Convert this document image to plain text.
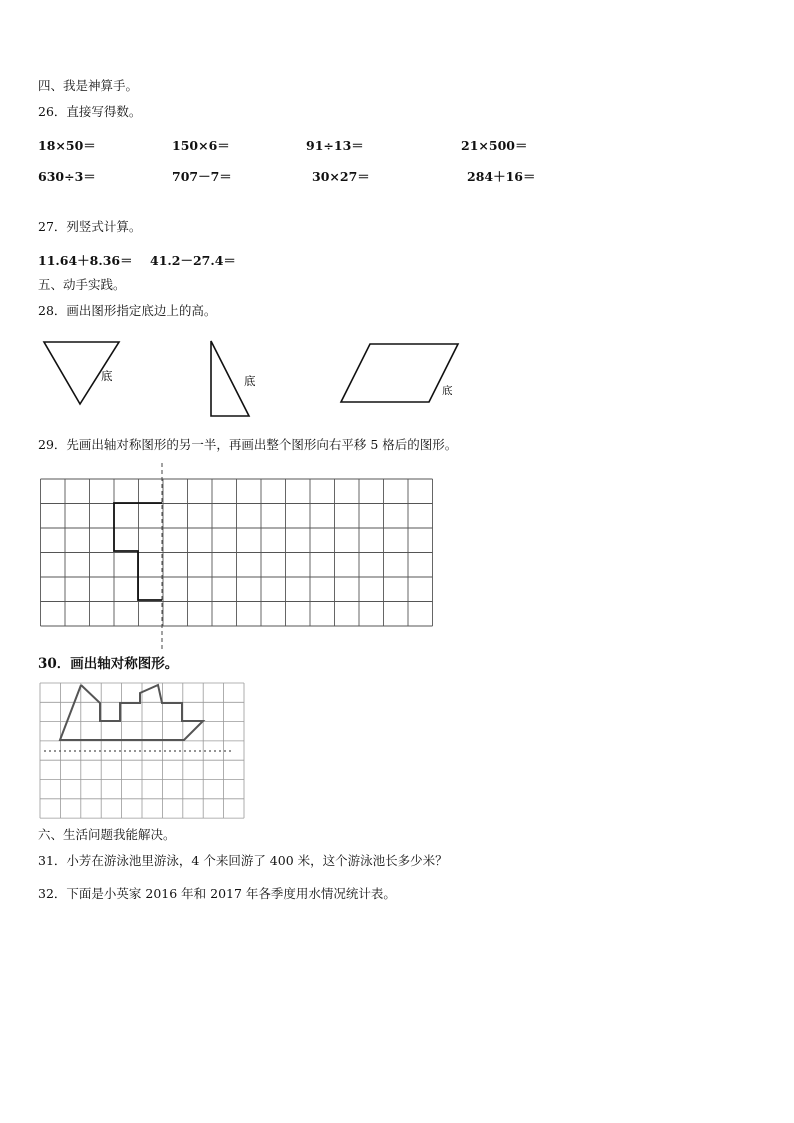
四、我是神算手。
26．直接写得数。
18×50＝	150×6＝	91÷13＝	21×500＝
630÷3＝	707－7＝	30×27＝	284＋16＝
27．列竖式计算。
11.64＋8.36＝ 41.2－27.4＝
五、动手实践。
28．画出图形指定底边上的高。
底	底
底
29．先画出轴对称图形的另一半，再画出整个图形向右平移 5 格后的图形。
30．画出轴对称图形。
六、生活问题我能解决。
31．小芳在游泳池里游泳，4 个来回游了 400 米，这个游泳池长多少米？
32．下面是小英家 2016 年和 2017 年各季度用水情况统计表。
